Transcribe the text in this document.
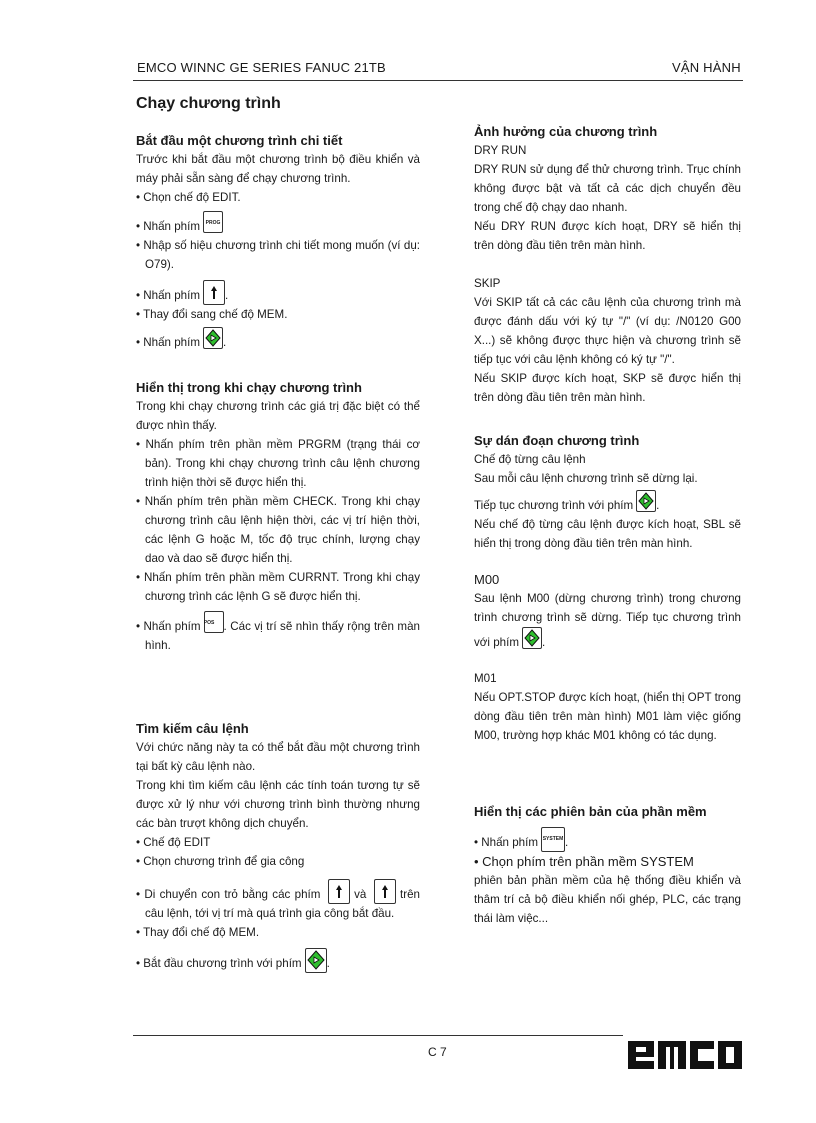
EMCO WINNC GE SERIES FANUC 21TB	VẬN HÀNH
Chạy chương trình

Bắt đầu một chương trình chi tiết

Trước khi bắt đầu một chương trình bộ điều khiển và máy phải sẵn sàng để chạy chương trình.

• Chọn chế độ EDIT.

• Nhấn phím	PROG

• Nhập số hiệu chương trình chi tiết mong muốn (ví dụ: O79).

• Nhấn phím .

• Thay đổi sang chế độ MEM.

• Nhấn phím .

Hiển thị trong khi chạy chương trình

Trong khi chạy chương trình các giá trị đặc biệt có thể được nhìn thấy.

• Nhấn phím trên phần mềm PRGRM (trạng thái cơ bản). Trong khi chạy chương trình câu lệnh chương trình hiện thời sẽ được hiển thị.

• Nhấn phím trên phần mềm CHECK. Trong khi chạy chương trình câu lệnh hiện thời, các vị trí hiện thời, các lệnh G hoặc M, tốc độ trục chính, lượng chạy dao và dao sẽ được hiển thị.

• Nhấn phím trên phần mềm CURRNT. Trong khi chạy chương trình các lệnh G sẽ được hiển thị.

• Nhấn phím POS . Các vị trí sẽ nhìn thấy rộng trên màn hình.

Tìm kiếm câu lệnh

Với chức năng này ta có thể bắt đầu một chương trình tại bất kỳ câu lệnh nào.

Trong khi tìm kiếm câu lệnh các tính toán tương tự sẽ được xử lý như với chương trình bình thường nhưng các bàn trượt không dịch chuyển.

• Chế độ EDIT

• Chọn chương trình để gia công

• Di chuyển con trỏ bằng các phím	và	trên câu lệnh, tới vị trí mà quá trình gia công bắt đầu.

• Thay đổi chế độ MEM.

• Bắt đầu chương trình với phím .

Ảnh hưởng của chương trình

DRY RUN

DRY RUN sử dụng để thử chương trình. Trục chính không được bật và tất cả các dịch chuyển đều trong chế độ chạy dao nhanh.

Nếu DRY RUN được kích hoạt, DRY sẽ hiển thị trên dòng đầu tiên trên màn hình.

SKIP

Với SKIP tất cả các câu lệnh của chương trình mà được đánh dấu với ký tự "/" (ví dụ: /N0120 G00 X...) sẽ không được thực hiện và chương trình sẽ tiếp tục với câu lệnh không có ký tự "/".

Nếu SKIP được kích hoạt, SKP sẽ được hiển thị trên dòng đầu tiên trên màn hình.

Sự dán đoạn chương trình

Chế độ từng câu lệnh

Sau mỗi câu lệnh chương trình sẽ dừng lại.

Tiếp tục chương trình với phím .

Nếu chế độ từng câu lệnh được kích hoạt, SBL sẽ hiển thị trong dòng đầu tiên trên màn hình.

M00

Sau lệnh M00 (dừng chương trình) trong chương trình chương trình sẽ dừng. Tiếp tục chương trình với phím .

M01

Nếu OPT.STOP được kích hoạt, (hiển thị OPT trong dòng đầu tiên trên màn hình) M01 làm việc giống M00, trường hợp khác M01 không có tác dụng.

Hiển thị các phiên bản của phần mềm

• Nhấn phím SYSTEM .

• Chọn phím trên phần mềm SYSTEM

phiên bản phần mềm của hệ thống điều khiển và thâm trí cả bộ điều khiển nối ghép, PLC, các trạng thái làm việc...

C 7
